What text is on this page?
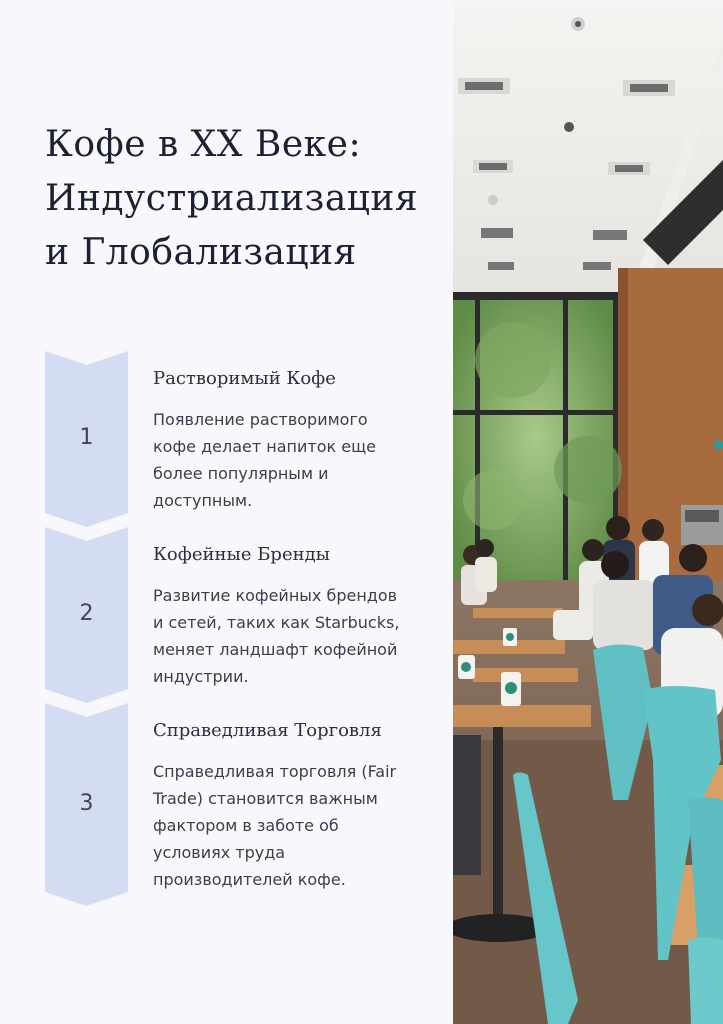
Кофе в XX Веке: Индустриализация и Глобализация
1
Растворимый Кофе

Появление растворимого кофе делает напиток еще более популярным и доступным.

2
Кофейные Бренды

Развитие кофейных брендов и сетей, таких как Starbucks, меняет ландшафт кофейной индустрии.

3
Справедливая Торговля

Справедливая торговля (Fair Trade) становится важным фактором в заботе об условиях труда производителей кофе.
